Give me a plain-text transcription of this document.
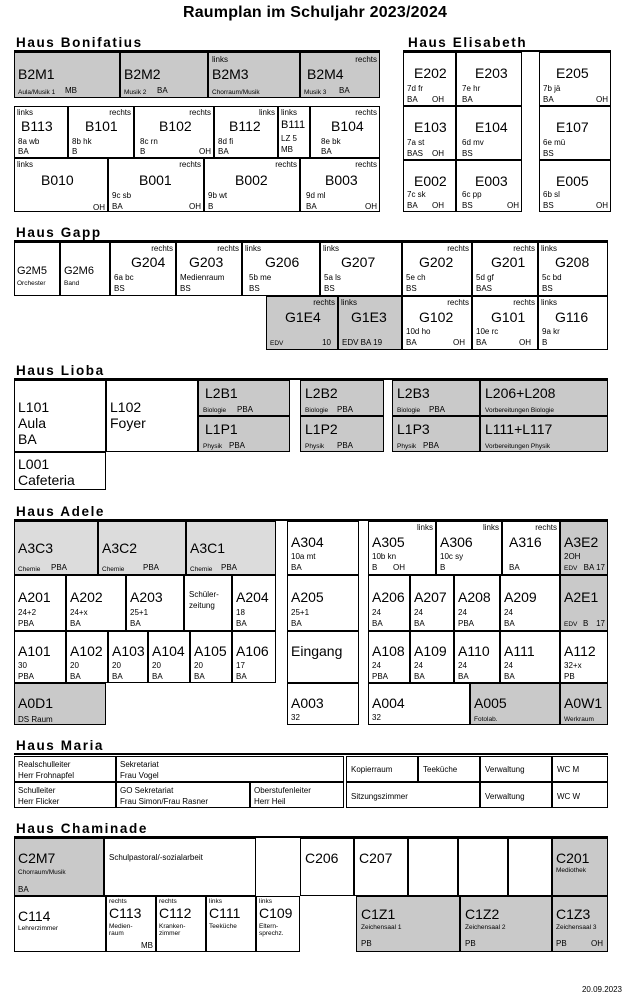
Raumplan im Schuljahr 2023/2024
Haus Bonifatius	Haus Elisabeth
Haus Gapp
Haus Lioba
Haus Adele
Haus Maria
Haus Chaminade
B2M1
Aula/Musik 1 MB
B2M2
Musik 2 BA
links
B2M3
Chorraum/Musik
rechts
B2M4
Musik 3 BA
links
B113
8a wb
BA
rechts
B101
8b hk
B
rechts
B102
8c rn
B	OH
links
B112
8d fi
BA
links
B111
LZ 5
MB
rechts
B104
8e bk
BA
links
B010
OH
rechts
B001
9c sb
BA	OH
rechts
B002
9b wt
B
rechts
B003
9d ml
BA	OH
E202
7d fr
BA OH
E203
7e hr
BA
E205
7b jä
BA	OH
E103
7a st
BAS OH
E104
6d mv
BS
E107
6e mü
BS
E002
7c sk
BA OH
E003
6c pp
BS	OH
E005
6b sl
BS	OH
G2M5
Orchester
G2M6
Band
rechts
G204
6a bc
BS
rechts
G203
Medienraum
BS
links
G206
5b me
BS
links
G207
5a ls
BS
rechts
G202
5e ch
BS
rechts
G201
5d gf
BAS
links
G208
5c bd
BS
rechts
G1E4
EDV	10
links
G1E3
EDV BA 19
rechts
G102
10d ho
BA	OH
rechts
G101
10e rc
BA	OH
links
G116
9a kr
B
L101
Aula
BA
L102
Foyer
L2B1
Biologie PBA
L2B2
Biologie PBA
L2B3
Biologie PBA
L206+L208
Vorbereitungen Biologie
L1P1
Physik PBA
L1P2
Physik PBA
L1P3
Physik PBA
L111+L117
Vorbereitungen Physik
L001
Cafeteria
A3C3
Chemie PBA
A3C2
Chemie PBA
A3C1
Chemie PBA
A304
10a mt
BA
links
A305
10b kn
B OH
links
A306
10c sy
B
rechts
A316
BA
A3E2
2OH
EDV BA 17
A201
24+2
PBA
A202
24+x
BA
A203
25+1
BA
Schüler-
zeitung
A204
18
BA
A205
25+1
BA
A206
24
BA
A207
24
BA
A208
24
PBA
A209
24
BA
A2E1
EDV B 17
A101
30
PBA
A102
20
BA
A103
20
BA
A104
20
BA
A105
20
BA
A106
17
BA
Eingang A108
24
PBA
A109
24
BA
A110
24
BA
A111
24
BA
A112
32+x
PB
A0D1
DS Raum
A003
32
A004
32
A005
Fotolab.
A0W1
Werkraum
Realschulleiter
Herr Frohnapfel
Sekretariat
Frau Vogel
Kopierraum	Teeküche	Verwaltung	WC M
Schulleiter
Herr Flicker
GO Sekretariat
Frau Simon/Frau Rasner
Oberstufenleiter
Herr Heil
Sitzungszimmer	Verwaltung	WC W
C2M7
Chorraum/Musik
BA
Schulpastoral/-sozialarbeit	C206 C207	C201
Mediothek
C114
Lehrerzimmer
rechts
C113
Medien-
raum
MB
rechts
C112
Kranken-
zimmer
links
C111
Teeküche
links
C109
Eltern-
sprechz.
C1Z1
Zeichensaal 1
PB
C1Z2
Zeichensaal 2
PB
C1Z3
Zeichensaal 3
PB	OH
20.09.2023
